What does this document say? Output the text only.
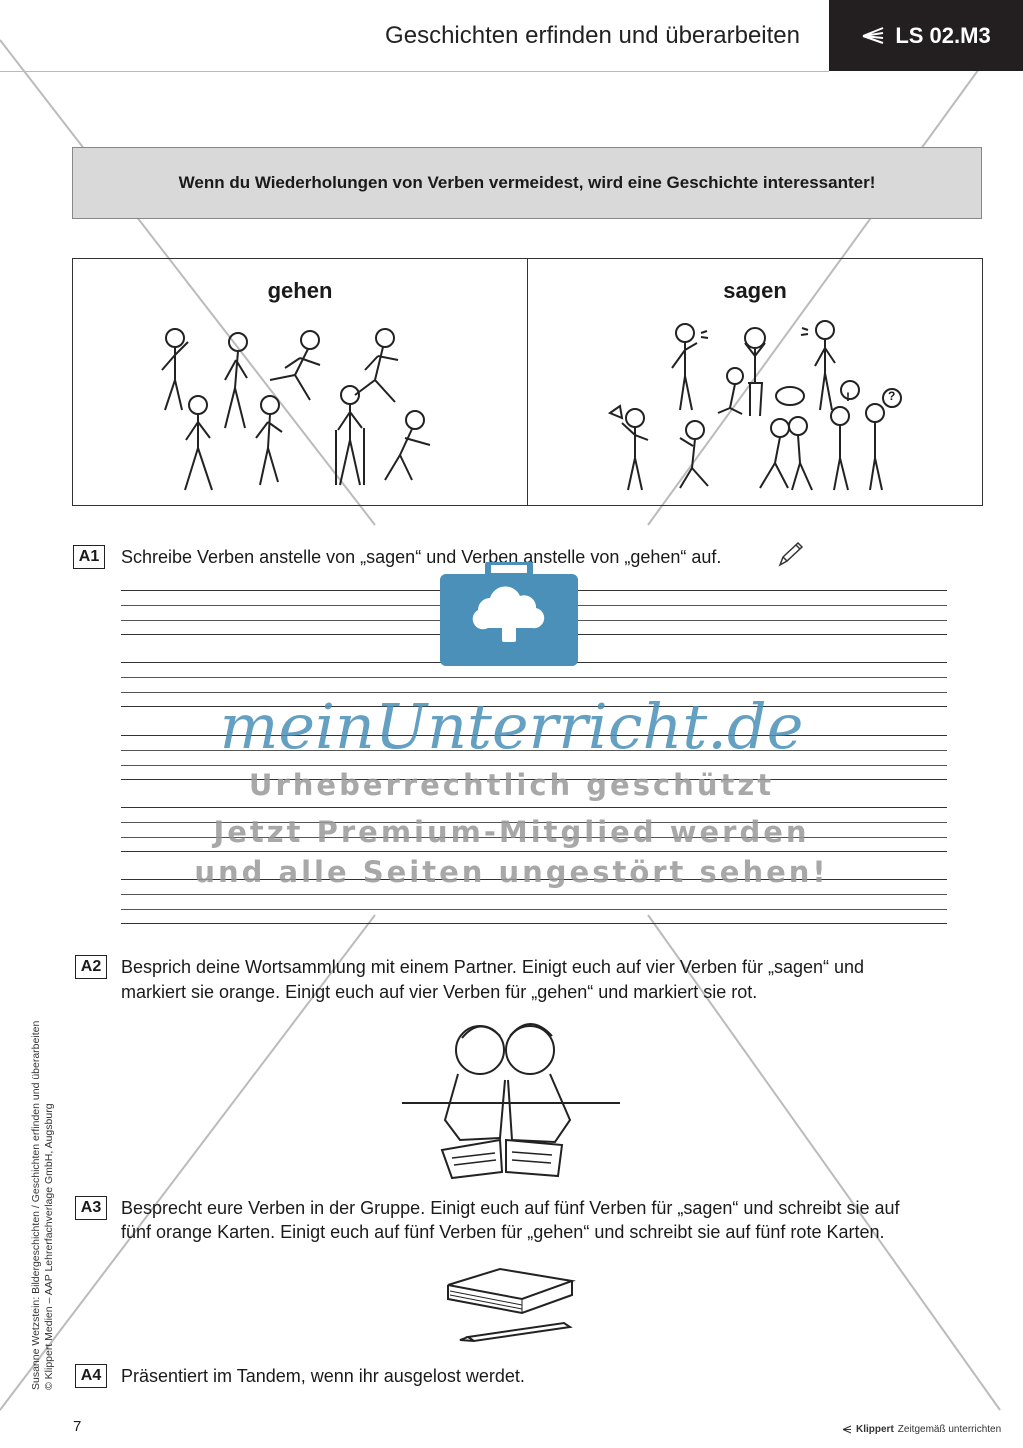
Geschichten erfinden und überarbeiten	LS 02.M3
Wenn du Wiederholungen von Verben vermeidest, wird eine Geschichte interessanter!
gehen	sagen
!	?
A1	Schreibe Verben anstelle von „sagen“ und Verben anstelle von „gehen“ auf.
meinUnterricht.de
Urheberrechtlich geschützt
Jetzt Premium-Mitglied werden
und alle Seiten ungestört sehen!
A2	Besprich deine Wortsammlung mit einem Partner. Einigt euch auf vier Verben für „sagen“ und
markiert sie orange. Einigt euch auf vier Verben für „gehen“ und markiert sie rot.
A3	Besprecht eure Verben in der Gruppe. Einigt euch auf fünf Verben für „sagen“ und schreibt sie auf
fünf orange Karten. Einigt euch auf fünf Verben für „gehen“ und schreibt sie auf fünf rote Karten.
A4	Präsentiert im Tandem, wenn ihr ausgelost werdet.
Susanne Wetzstein: Bildergeschichten / Geschichten erfinden und überarbeiten © Klippert Medien – AAP Lehrerfachverlage GmbH, Augsburg
7	Klippert Zeitgemäß unterrichten
